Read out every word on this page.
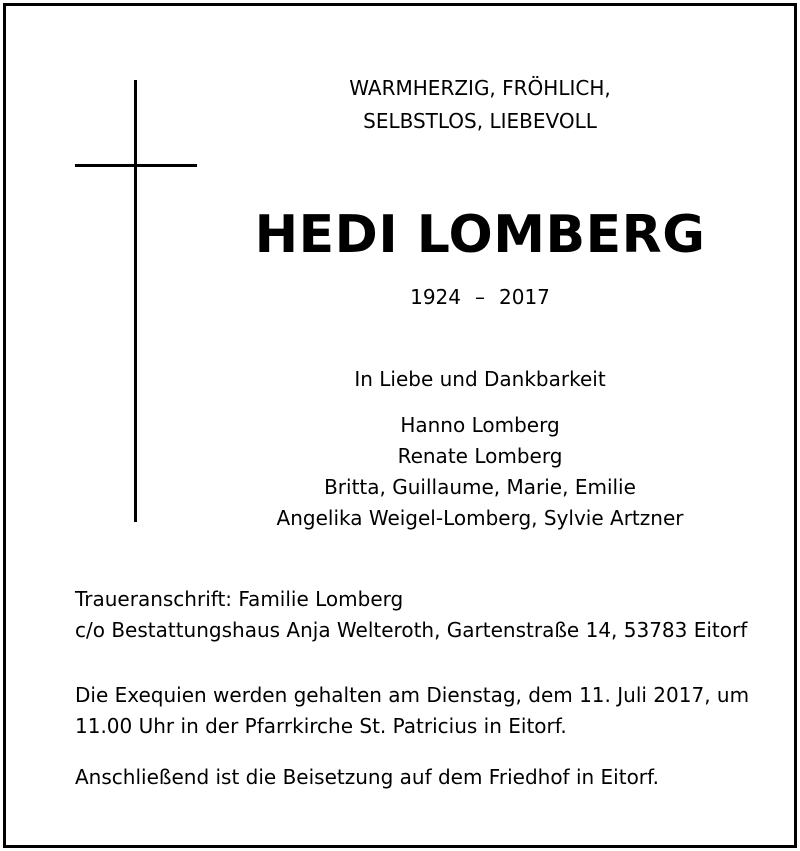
WARMHERZIG, FRÖHLICH,
SELBSTLOS, LIEBEVOLL
HEDI LOMBERG
1924 – 2017
In Liebe und Dankbarkeit
Hanno Lomberg
Renate Lomberg
Britta, Guillaume, Marie, Emilie
Angelika Weigel-Lomberg, Sylvie Artzner
Traueranschrift: Familie Lomberg
c/o Bestattungshaus Anja Welteroth, Gartenstraße 14, 53783 Eitorf
Die Exequien werden gehalten am Dienstag, dem 11. Juli 2017, um
11.00 Uhr in der Pfarrkirche St. Patricius in Eitorf.
Anschließend ist die Beisetzung auf dem Friedhof in Eitorf.
